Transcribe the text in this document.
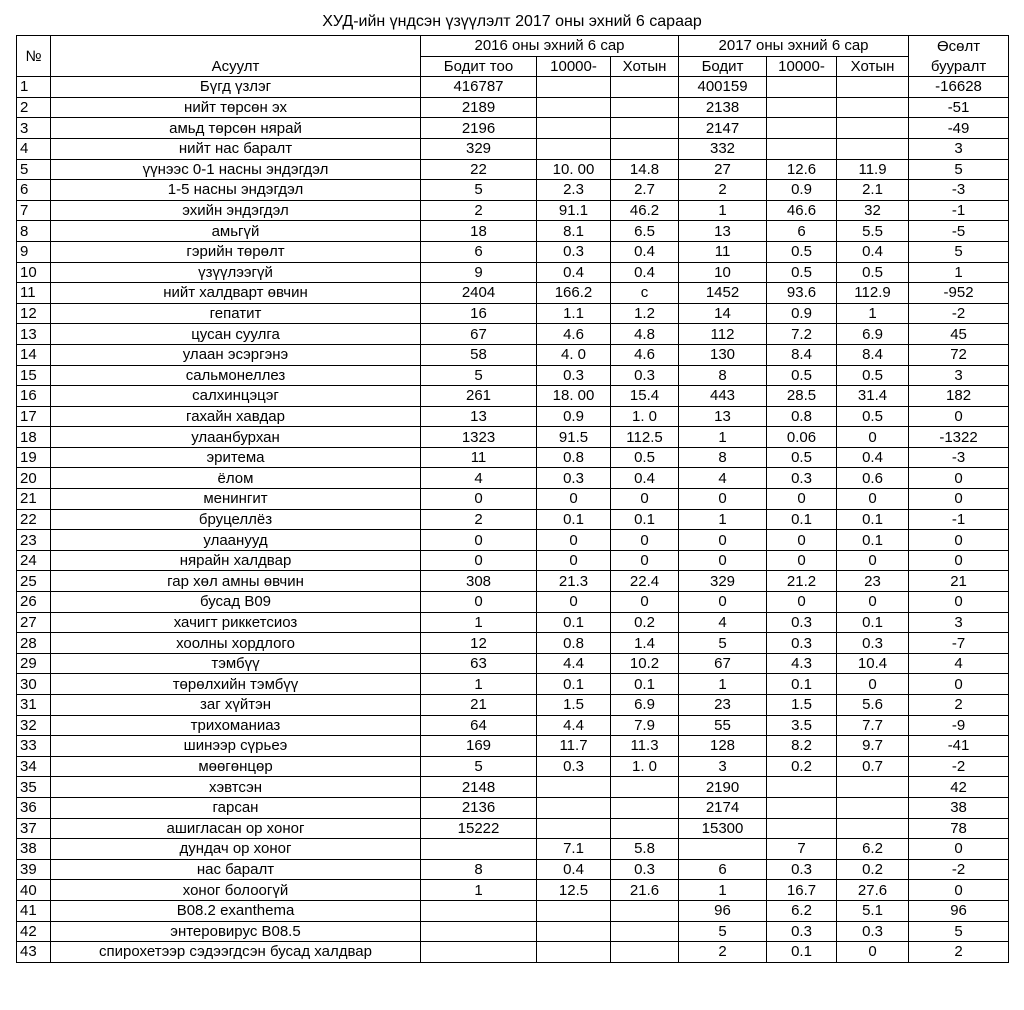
ХУД-ийн үндсэн үзүүлэлт 2017 оны эхний 6 сараар
№		2016 оны эхний 6 сар			2017 оны эхний 6 сар			Өсөлт
	Асуулт	Бодит тоо	10000-	Хотын	Бодит	10000-	Хотын	бууралт
1	Бүгд үзлэг	416787			400159			-16628
2	нийт төрсөн эх	2189			2138			-51
3	амьд төрсөн нярай	2196			2147			-49
4	нийт нас баралт	329			332			3
5	үүнээс 0-1 насны эндэгдэл	22	10. 00	14.8	27	12.6	11.9	5
6	1-5 насны эндэгдэл	5	2.3	2.7	2	0.9	2.1	-3
7	эхийн эндэгдэл	2	91.1	46.2	1	46.6	32	-1
8	амьгүй	18	8.1	6.5	13	6	5.5	-5
9	гэрийн төрөлт	6	0.3	0.4	11	0.5	0.4	5
10	үзүүлээгүй	9	0.4	0.4	10	0.5	0.5	1
11	нийт халдварт өвчин	2404	166.2	с	1452	93.6	112.9	-952
12	гепатит	16	1.1	1.2	14	0.9	1	-2
13	цусан суулга	67	4.6	4.8	112	7.2	6.9	45
14	улаан эсэргэнэ	58	4. 0	4.6	130	8.4	8.4	72
15	сальмонеллез	5	0.3	0.3	8	0.5	0.5	3
16	салхинцэцэг	261	18. 00	15.4	443	28.5	31.4	182
17	гахайн хавдар	13	0.9	1. 0	13	0.8	0.5	0
18	улаанбурхан	1323	91.5	112.5	1	0.06	0	-1322
19	эритема	11	0.8	0.5	8	0.5	0.4	-3
20	ёлом	4	0.3	0.4	4	0.3	0.6	0
21	менингит	0	0	0	0	0	0	0
22	бруцеллёз	2	0.1	0.1	1	0.1	0.1	-1
23	улаанууд	0	0	0	0	0	0.1	0
24	нярайн халдвар	0	0	0	0	0	0	0
25	гар хөл амны өвчин	308	21.3	22.4	329	21.2	23	21
26	бусад B09	0	0	0	0	0	0	0
27	хачигт риккетсиоз	1	0.1	0.2	4	0.3	0.1	3
28	хоолны хордлого	12	0.8	1.4	5	0.3	0.3	-7
29	тэмбүү	63	4.4	10.2	67	4.3	10.4	4
30	төрөлхийн тэмбүү	1	0.1	0.1	1	0.1	0	0
31	заг хүйтэн	21	1.5	6.9	23	1.5	5.6	2
32	трихоманиаз	64	4.4	7.9	55	3.5	7.7	-9
33	шинээр сүрьеэ	169	11.7	11.3	128	8.2	9.7	-41
34	мөөгөнцөр	5	0.3	1. 0	3	0.2	0.7	-2
35	хэвтсэн	2148			2190			42
36	гарсан	2136			2174			38
37	ашигласан ор хоног	15222			15300			78
38	дундач ор хоног		7.1	5.8		7	6.2	0
39	нас баралт	8	0.4	0.3	6	0.3	0.2	-2
40	хоног болоогүй	1	12.5	21.6	1	16.7	27.6	0
41	B08.2 exanthema				96	6.2	5.1	96
42	энтеровирус B08.5				5	0.3	0.3	5
43	спирохетээр сэдээгдсэн бусад халдвар				2	0.1	0	2
